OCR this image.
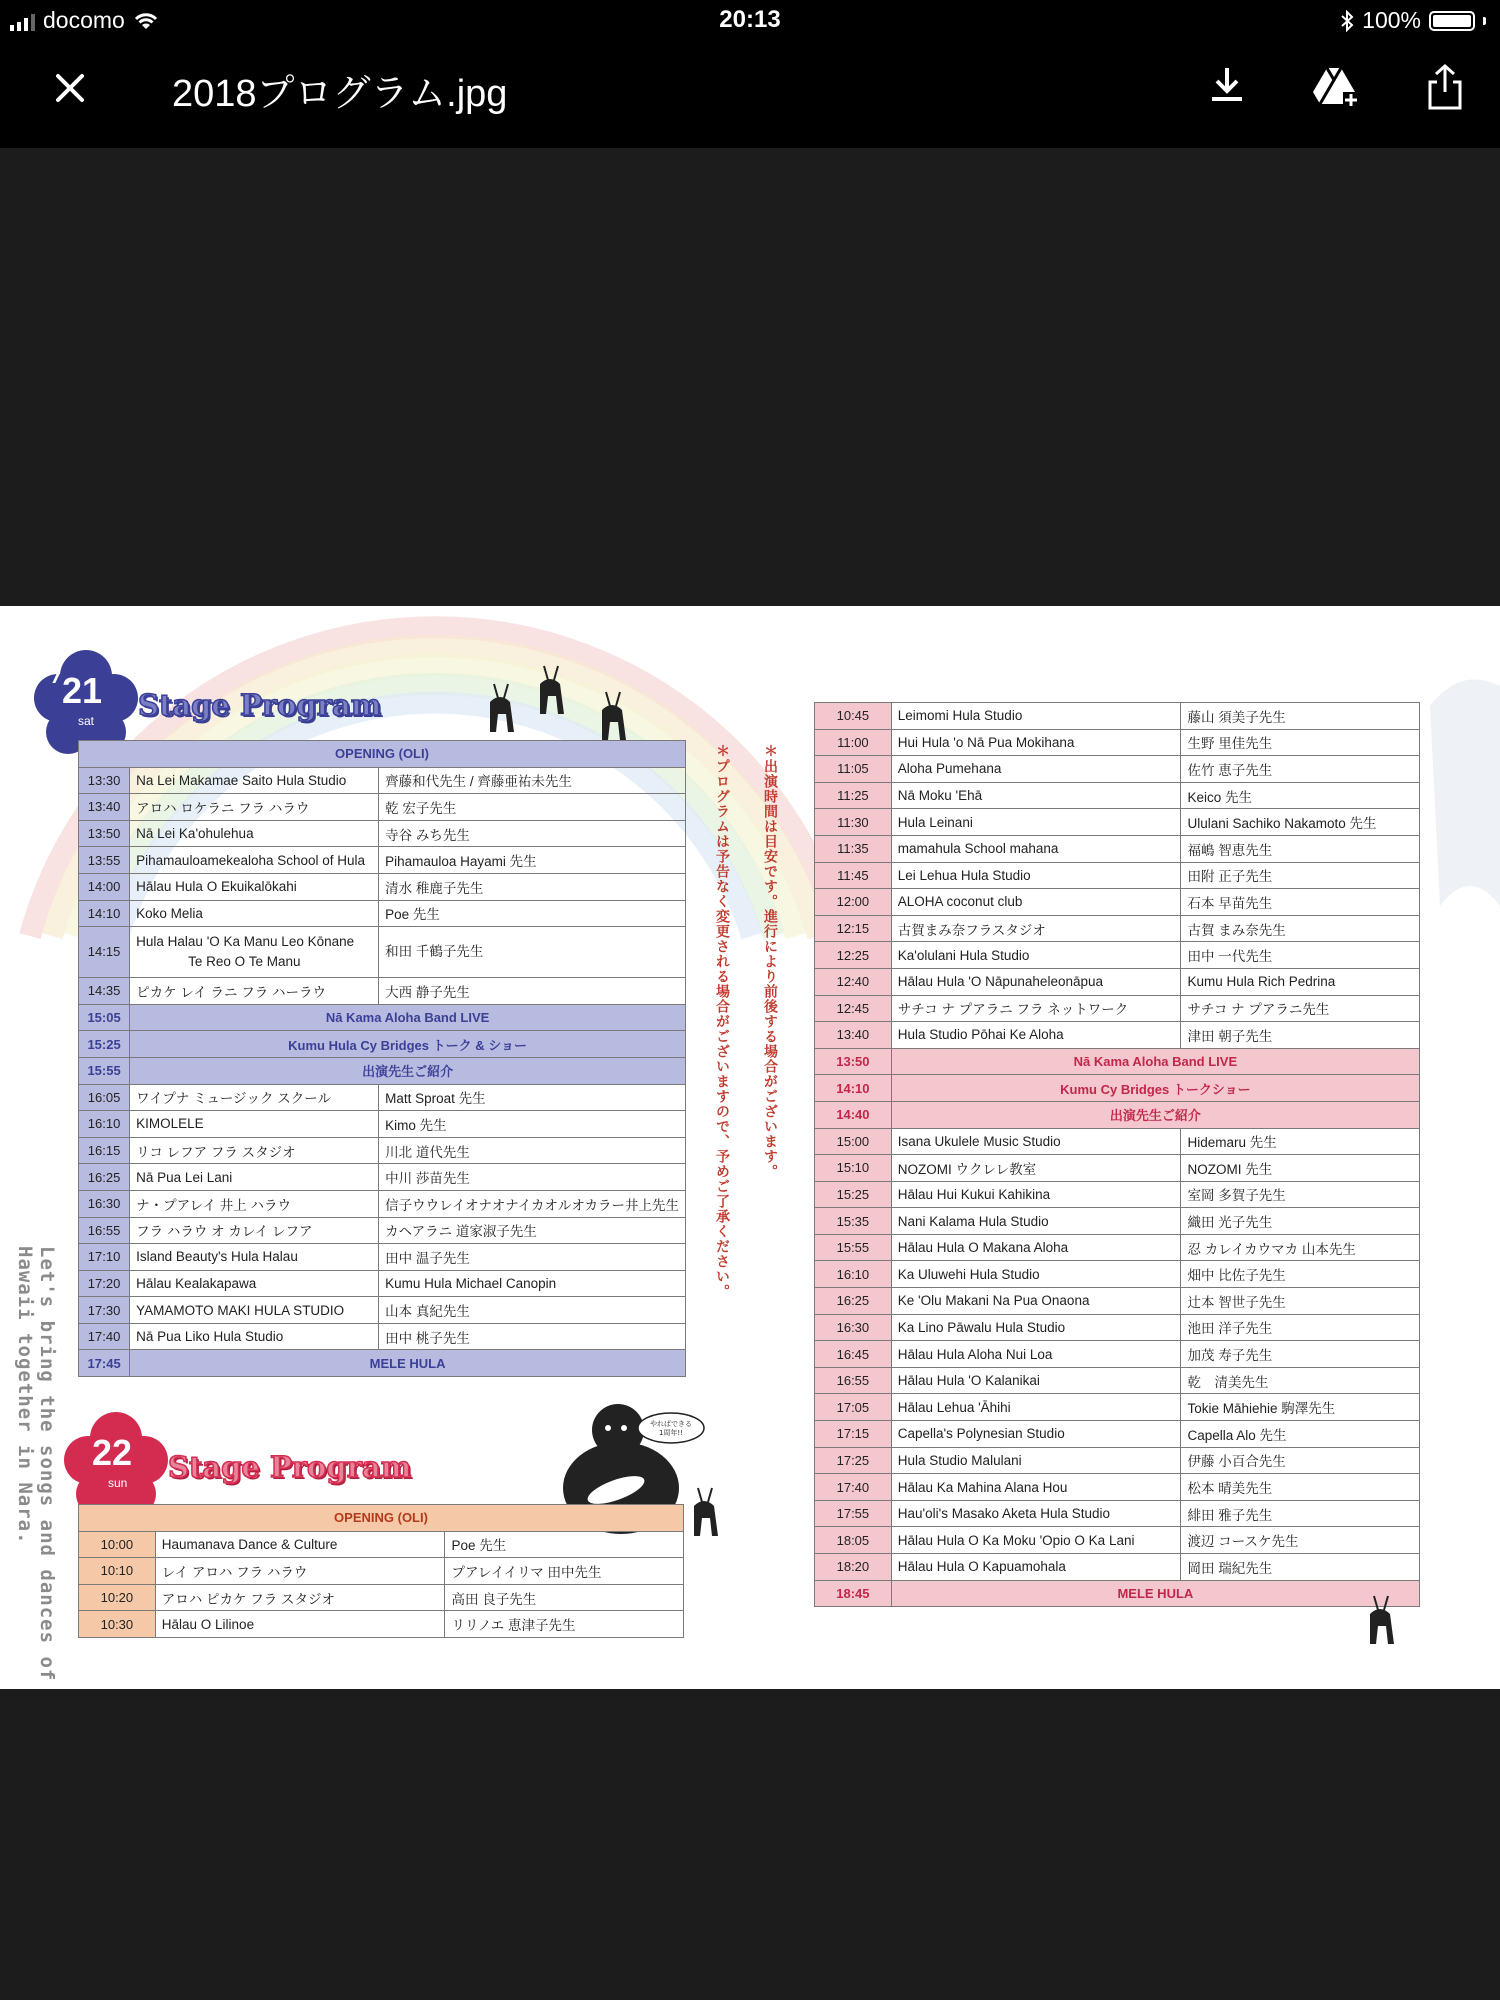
docomo	20:13	100%
2018プログラム.jpg
Let's bring the songs and dances of Hawaii together in Nara.
＊出演時間は目安です。進行により前後する場合がございます。
＊プログラムは予告なく変更される場合がございますので、予めご了承ください。
7 21
sat Stage Program
OPENING (OLI)		
13:30	Na Lei Makamae Saito Hula Studio	齊藤和代先生 / 齊藤亜祐未先生
13:40	アロハ ロケラニ フラ ハラウ	乾 宏子先生
13:50	Nā Lei Ka'ohulehua	寺谷 みち先生
13:55	Pihamauloamekealoha School of Hula	Pihamauloa Hayami 先生
14:00	Hālau Hula O Ekuikalōkahi	清水 稚鹿子先生
14:10	Koko Melia	Poe 先生
14:15	Hula Halau 'O Ka Manu Leo Kōnane
Te Reo O Te Manu	和田 千鶴子先生
14:35	ピカケ レイ ラニ フラ ハーラウ	大西 静子先生
15:05	Nā Kama Aloha Band LIVE	
15:25	Kumu Hula Cy Bridges トーク & ショー	
15:55	出演先生ご紹介	
16:05	ワイプナ ミュージック スクール	Matt Sproat 先生
16:10	KIMOLELE	Kimo 先生
16:15	リコ レフア フラ スタジオ	川北 道代先生
16:25	Nā Pua Lei Lani	中川 莎苗先生
16:30	ナ・プアレイ 井上 ハラウ	信子ウウレイオナオナイカオルオカラー井上先生
16:55	フラ ハラウ オ カレイ レフア	カヘアラニ 道家淑子先生
17:10	Island Beauty's Hula Halau	田中 温子先生
17:20	Hālau Kealakapawa	Kumu Hula Michael Canopin
17:30	YAMAMOTO MAKI HULA STUDIO	山本 真紀先生
17:40	Nā Pua Liko Hula Studio	田中 桃子先生
17:45	MELE HULA	
22
sun Stage Program
やればできる
1周年!!
OPENING (OLI)		
10:00	Haumanava Dance & Culture	Poe 先生
10:10	レイ アロハ フラ ハラウ	プアレイイリマ 田中先生
10:20	アロハ ピカケ フラ スタジオ	高田 良子先生
10:30	Hālau O Lilinoe	リリノエ 恵津子先生
10:45	Leimomi Hula Studio	藤山 須美子先生
11:00	Hui Hula 'o Nā Pua Mokihana	生野 里佳先生
11:05	Aloha Pumehana	佐竹 恵子先生
11:25	Nā Moku 'Ehā	Keico 先生
11:30	Hula Leinani	Ululani Sachiko Nakamoto 先生
11:35	mamahula School mahana	福嶋 智恵先生
11:45	Lei Lehua Hula Studio	田附 正子先生
12:00	ALOHA coconut club	石本 早苗先生
12:15	古賀まみ奈フラスタジオ	古賀 まみ奈先生
12:25	Ka'olulani Hula Studio	田中 一代先生
12:40	Hālau Hula 'O Nāpunaheleonāpua	Kumu Hula Rich Pedrina
12:45	サチコ ナ プアラニ フラ ネットワーク	サチコ ナ プアラニ先生
13:40	Hula Studio Pōhai Ke Aloha	津田 朝子先生
13:50	Nā Kama Aloha Band LIVE	
14:10	Kumu Cy Bridges トークショー	
14:40	出演先生ご紹介	
15:00	Isana Ukulele Music Studio	Hidemaru 先生
15:10	NOZOMI ウクレレ教室	NOZOMI 先生
15:25	Hālau Hui Kukui Kahikina	室岡 多賀子先生
15:35	Nani Kalama Hula Studio	織田 光子先生
15:55	Hālau Hula O Makana Aloha	忍 カレイカウマカ 山本先生
16:10	Ka Uluwehi Hula Studio	畑中 比佐子先生
16:25	Ke 'Olu Makani Na Pua Onaona	辻本 智世子先生
16:30	Ka Lino Pāwalu Hula Studio	池田 洋子先生
16:45	Hālau Hula Aloha Nui Loa	加茂 寿子先生
16:55	Hālau Hula 'O Kalanikai	乾　清美先生
17:05	Hālau Lehua 'Āhihi	Tokie Māhiehie 駒澤先生
17:15	Capella's Polynesian Studio	Capella Alo 先生
17:25	Hula Studio Malulani	伊藤 小百合先生
17:40	Hālau Ka Mahina Alana Hou	松本 晴美先生
17:55	Hau'oli's Masako Aketa Hula Studio	緋田 雅子先生
18:05	Hālau Hula O Ka Moku 'Opio O Ka Lani	渡辺 コースケ先生
18:20	Hālau Hula O Kapuamohala	岡田 瑞紀先生
18:45	MELE HULA	
